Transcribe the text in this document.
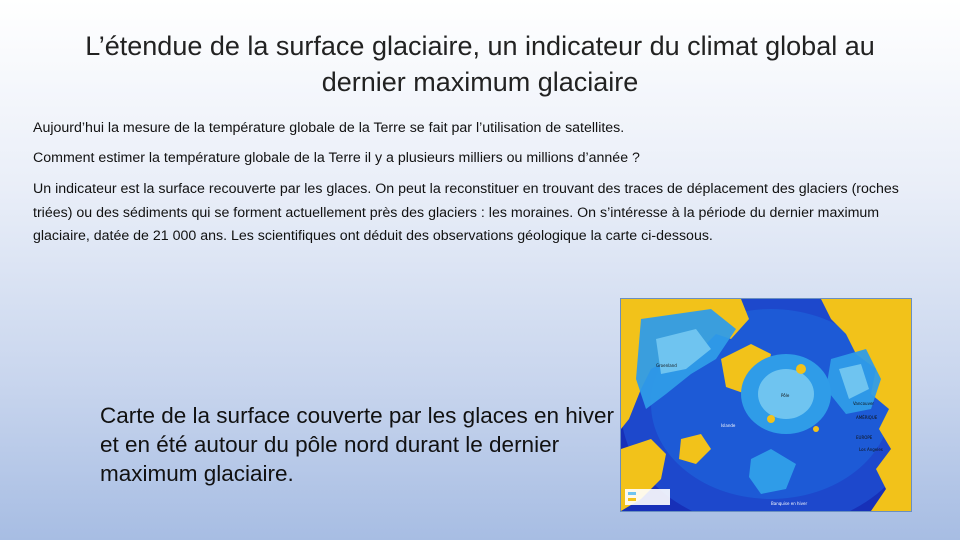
L’étendue de la surface glaciaire, un indicateur du climat global au dernier maximum glaciaire
Aujourd’hui la mesure de la température globale de la Terre se fait par l’utilisation de satellites.
Comment estimer la température globale de la Terre il y a plusieurs milliers ou millions d’année ?
Un indicateur est la surface recouverte par les glaces. On peut la reconstituer en trouvant des traces de déplacement des glaciers (roches triées) ou des sédiments qui se forment actuellement près des glaciers : les moraines. On s’intéresse à la période du dernier maximum glaciaire, datée de 21 000 ans. Les scientifiques ont déduit des observations géologique la carte ci-dessous.
Carte de la surface couverte par les glaces en hiver et en été autour du pôle nord durant le dernier maximum glaciaire.
Groenland
Islande
Pôle
AMÉRIQUE
EUROPE
Vancouver
Los Angeles
Banquise en hiver
